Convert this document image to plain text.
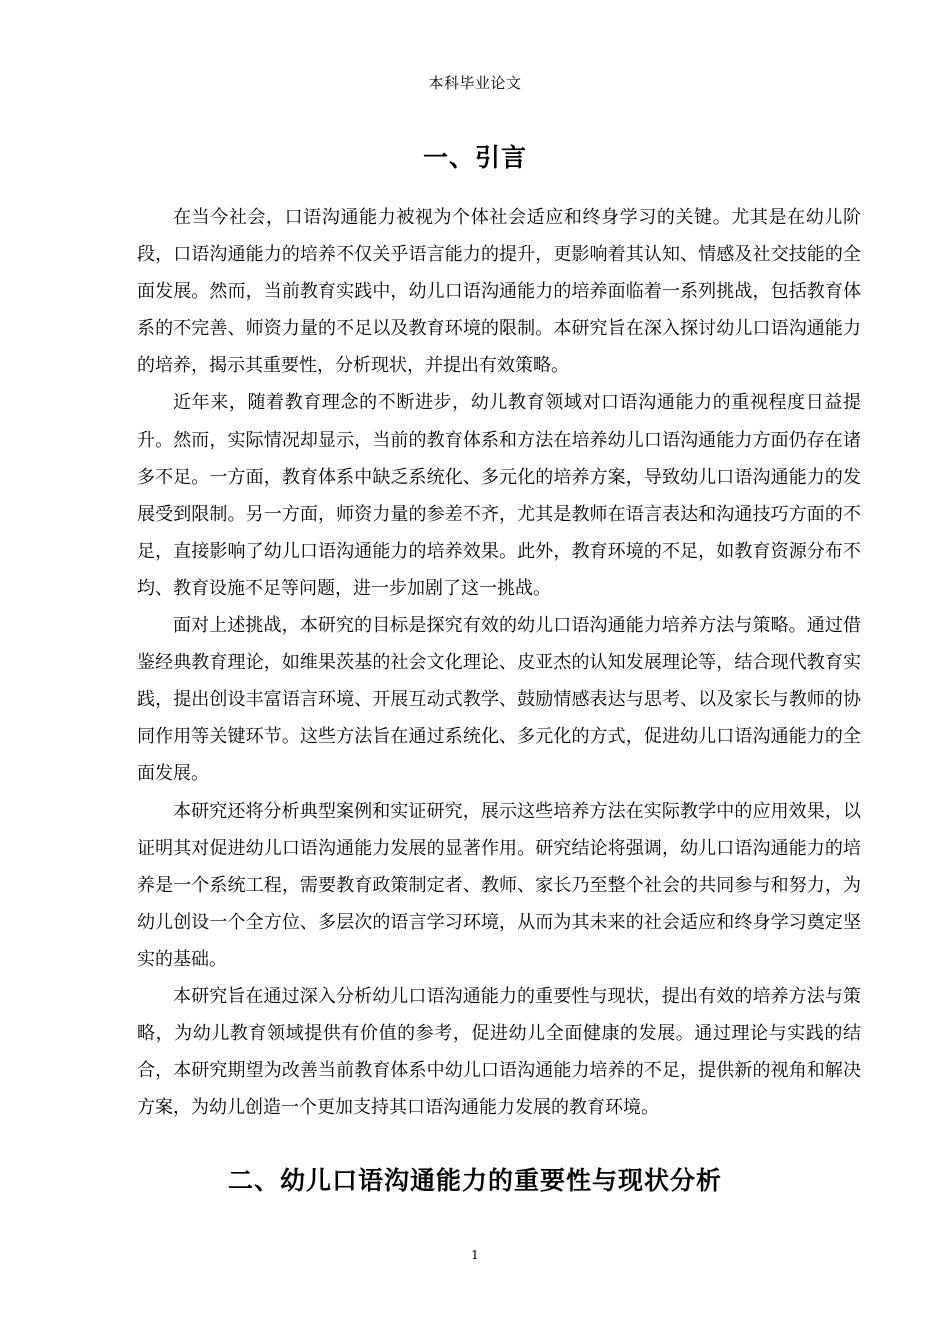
本科毕业论文
一、引言

在当今社会，口语沟通能力被视为个体社会适应和终身学习的关键。尤其是在幼儿阶段，口语沟通能力的培养不仅关乎语言能力的提升，更影响着其认知、情感及社交技能的全面发展。然而，当前教育实践中，幼儿口语沟通能力的培养面临着一系列挑战，包括教育体系的不完善、师资力量的不足以及教育环境的限制。本研究旨在深入探讨幼儿口语沟通能力的培养，揭示其重要性，分析现状，并提出有效策略。

近年来，随着教育理念的不断进步，幼儿教育领域对口语沟通能力的重视程度日益提升。然而，实际情况却显示，当前的教育体系和方法在培养幼儿口语沟通能力方面仍存在诸多不足。一方面，教育体系中缺乏系统化、多元化的培养方案，导致幼儿口语沟通能力的发展受到限制。另一方面，师资力量的参差不齐，尤其是教师在语言表达和沟通技巧方面的不足，直接影响了幼儿口语沟通能力的培养效果。此外，教育环境的不足，如教育资源分布不均、教育设施不足等问题，进一步加剧了这一挑战。

面对上述挑战，本研究的目标是探究有效的幼儿口语沟通能力培养方法与策略。通过借鉴经典教育理论，如维果茨基的社会文化理论、皮亚杰的认知发展理论等，结合现代教育实践，提出创设丰富语言环境、开展互动式教学、鼓励情感表达与思考、以及家长与教师的协同作用等关键环节。这些方法旨在通过系统化、多元化的方式，促进幼儿口语沟通能力的全面发展。

本研究还将分析典型案例和实证研究，展示这些培养方法在实际教学中的应用效果，以证明其对促进幼儿口语沟通能力发展的显著作用。研究结论将强调，幼儿口语沟通能力的培养是一个系统工程，需要教育政策制定者、教师、家长乃至整个社会的共同参与和努力，为幼儿创设一个全方位、多层次的语言学习环境，从而为其未来的社会适应和终身学习奠定坚实的基础。

本研究旨在通过深入分析幼儿口语沟通能力的重要性与现状，提出有效的培养方法与策略，为幼儿教育领域提供有价值的参考，促进幼儿全面健康的发展。通过理论与实践的结合，本研究期望为改善当前教育体系中幼儿口语沟通能力培养的不足，提供新的视角和解决方案，为幼儿创造一个更加支持其口语沟通能力发展的教育环境。

二、幼儿口语沟通能力的重要性与现状分析
1
